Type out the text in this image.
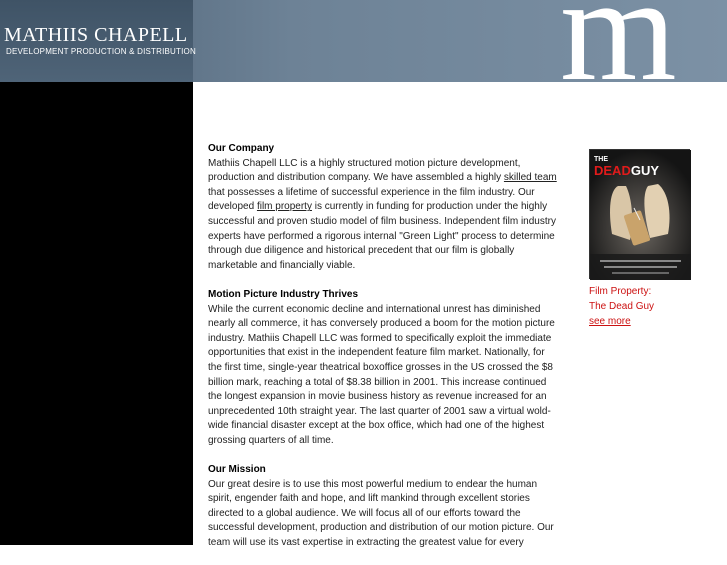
MATHIIS CHAPELL
DEVELOPMENT PRODUCTION & DISTRIBUTION m
Our Company

Mathiis Chapell LLC is a highly structured motion picture development, production and distribution company. We have assembled a highly skilled team that possesses a lifetime of successful experience in the film industry. Our developed film property is currently in funding for production under the highly successful and proven studio model of film business. Independent film industry experts have performed a rigorous internal "Green Light" process to determine through due diligence and historical precedent that our film is globally marketable and financially viable.

Motion Picture Industry Thrives

While the current economic decline and international unrest has diminished nearly all commerce, it has conversely produced a boom for the motion picture industry. Mathiis Chapell LLC was formed to specifically exploit the immediate opportunities that exist in the independent feature film market. Nationally, for the first time, single-year theatrical boxoffice grosses in the US crossed the $8 billion mark, reaching a total of $8.38 billion in 2001. This increase continued the longest expansion in movie business history as revenue increased for an unprecedented 10th straight year. The last quarter of 2001 saw a virtual wold-wide financial disaster except at the box office, which had one of the highest grossing quarters of all time.

Our Mission

Our great desire is to use this most powerful medium to endear the human spirit, engender faith and hope, and lift mankind through excellent stories directed to a global audience. We will focus all of our efforts toward the successful development, production and distribution of our motion picture. Our team will use its vast expertise in extracting the greatest value for every

THE
DEADGUY
Film Property:
The Dead Guy
see more
